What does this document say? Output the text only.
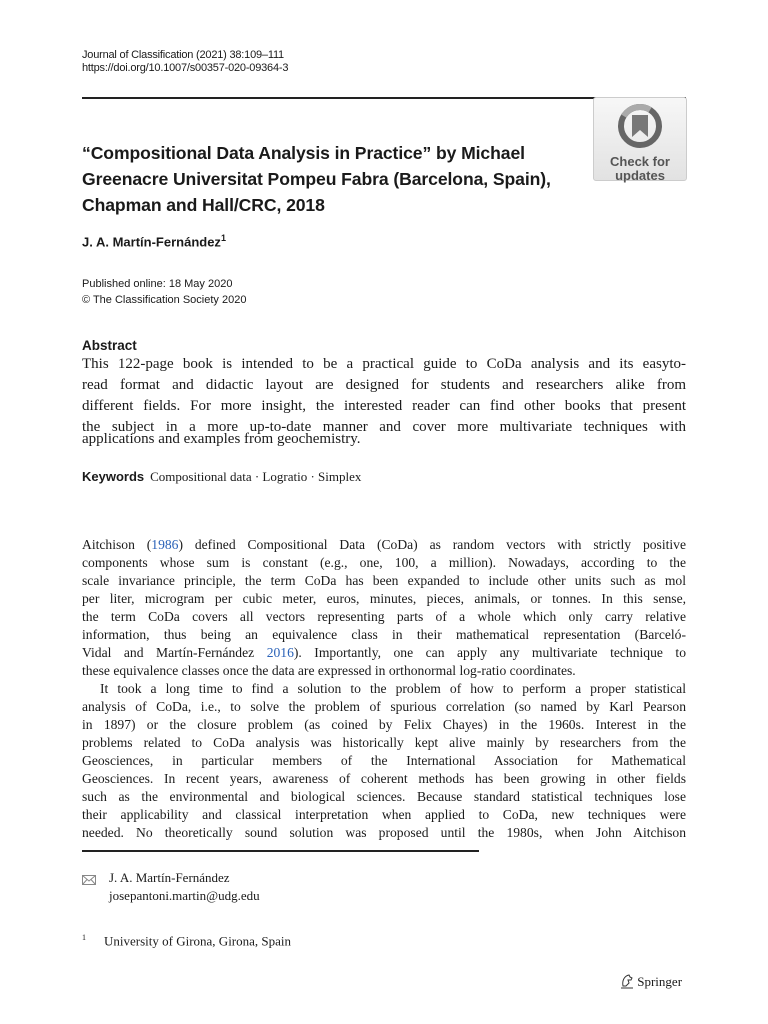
Journal of Classification (2021) 38:109–111
https://doi.org/10.1007/s00357-020-09364-3
Check for
updates
“Compositional Data Analysis in Practice” by Michael Greenacre Universitat Pompeu Fabra (Barcelona, Spain), Chapman and Hall/CRC, 2018
J. A. Martín-Fernández$^1$
Published online: 18 May 2020
© The Classification Society 2020
Abstract
This 122-page book is intended to be a practical guide to CoDa analysis and its easyto-
read format and didactic layout are designed for students and researchers alike from
different fields. For more insight, the interested reader can find other books that present
the subject in a more up-to-date manner and cover more multivariate techniques with
applications and examples from geochemistry.
Keywords Compositional data · Logratio · Simplex
Aitchison (1986) defined Compositional Data (CoDa) as random vectors with strictly positive
components whose sum is constant (e.g., one, 100, a million). Nowadays, according to the
scale invariance principle, the term CoDa has been expanded to include other units such as mol
per liter, microgram per cubic meter, euros, minutes, pieces, animals, or tonnes. In this sense,
the term CoDa covers all vectors representing parts of a whole which only carry relative
information, thus being an equivalence class in their mathematical representation (Barceló-
Vidal and Martín-Fernández 2016). Importantly, one can apply any multivariate technique to
these equivalence classes once the data are expressed in orthonormal log-ratio coordinates.
It took a long time to find a solution to the problem of how to perform a proper statistical
analysis of CoDa, i.e., to solve the problem of spurious correlation (so named by Karl Pearson
in 1897) or the closure problem (as coined by Felix Chayes) in the 1960s. Interest in the
problems related to CoDa analysis was historically kept alive mainly by researchers from the
Geosciences, in particular members of the International Association for Mathematical
Geosciences. In recent years, awareness of coherent methods has been growing in other fields
such as the environmental and biological sciences. Because standard statistical techniques lose
their applicability and classical interpretation when applied to CoDa, new techniques were
needed. No theoretically sound solution was proposed until the 1980s, when John Aitchison
J. A. Martín-Fernández
josepantoni.martin@udg.edu
$^1$ University of Girona, Girona, Spain
Springer
